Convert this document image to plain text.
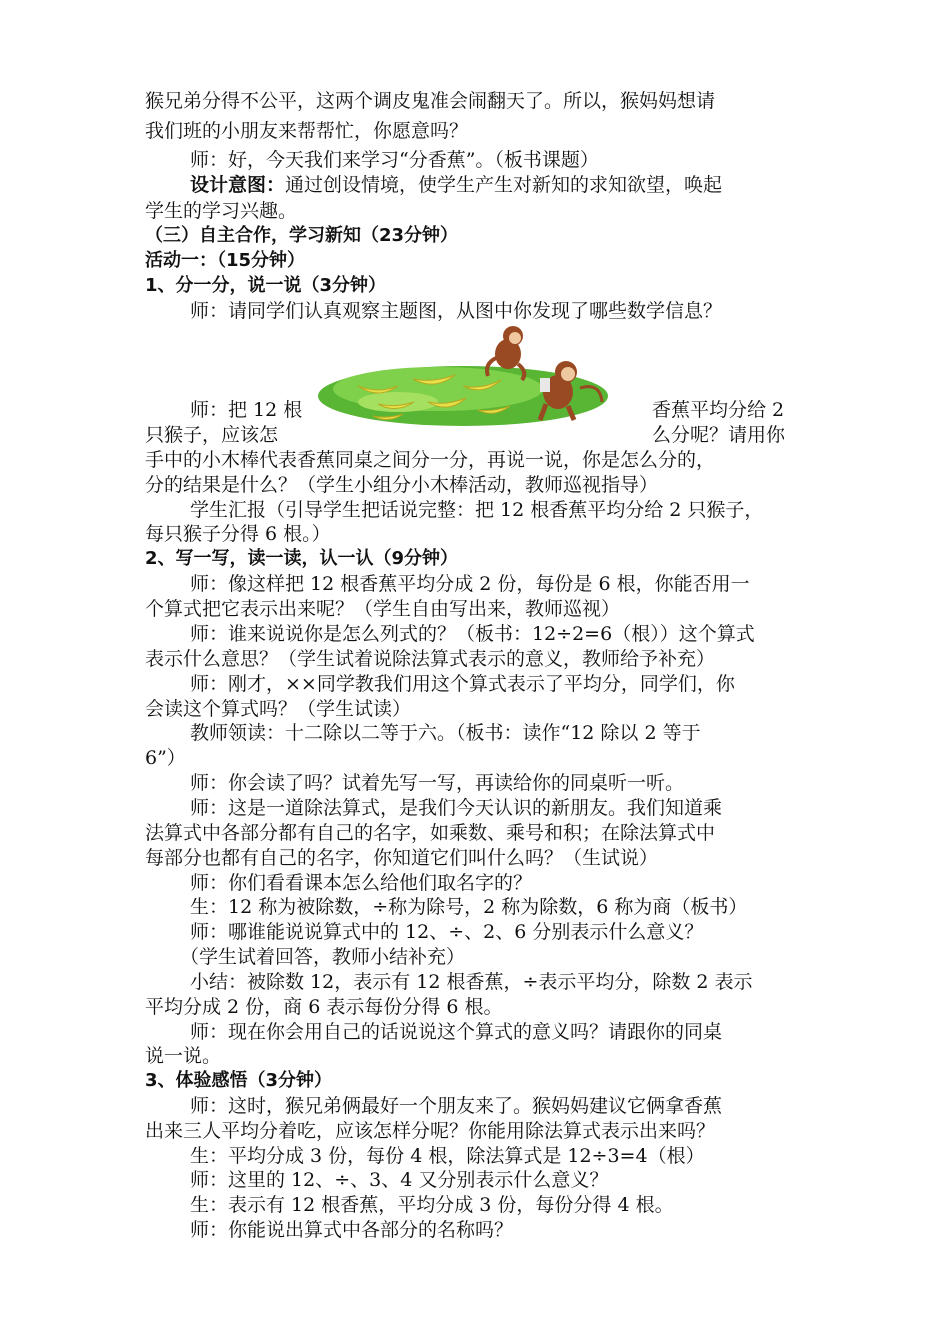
猴兄弟分得不公平，这两个调皮鬼准会闹翻天了。所以，猴妈妈想请
我们班的小朋友来帮帮忙，你愿意吗？
师：好，今天我们来学习“分香蕉”。（板书课题）
设计意图：通过创设情境，使学生产生对新知的求知欲望，唤起
学生的学习兴趣。
（三）自主合作，学习新知（23分钟）
活动一：（15分钟）
1、分一分，说一说（3分钟）
师：请同学们认真观察主题图，从图中你发现了哪些数学信息？
师：把 12 根	香蕉平均分给 2
只猴子，应该怎	么分呢？请用你
手中的小木棒代表香蕉同桌之间分一分，再说一说，你是怎么分的，
分的结果是什么？（学生小组分小木棒活动，教师巡视指导）
学生汇报（引导学生把话说完整：把 12 根香蕉平均分给 2 只猴子，
每只猴子分得 6 根。）
2、写一写，读一读，认一认（9分钟）
师：像这样把 12 根香蕉平均分成 2 份，每份是 6 根，你能否用一
个算式把它表示出来呢？（学生自由写出来，教师巡视）
师：谁来说说你是怎么列式的？（板书：12÷2=6（根））这个算式
表示什么意思？（学生试着说除法算式表示的意义，教师给予补充）
师：刚才，××同学教我们用这个算式表示了平均分，同学们，你
会读这个算式吗？（学生试读）
教师领读：十二除以二等于六。（板书：读作“12 除以 2 等于
6”）
师：你会读了吗？试着先写一写，再读给你的同桌听一听。
师：这是一道除法算式，是我们今天认识的新朋友。我们知道乘
法算式中各部分都有自己的名字，如乘数、乘号和积；在除法算式中
每部分也都有自己的名字，你知道它们叫什么吗？（生试说）
师：你们看看课本怎么给他们取名字的？
生：12 称为被除数，÷称为除号，2 称为除数，6 称为商（板书）
师：哪谁能说说算式中的 12、÷、2、6 分别表示什么意义？
（学生试着回答，教师小结补充）
小结：被除数 12，表示有 12 根香蕉，÷表示平均分，除数 2 表示
平均分成 2 份，商 6 表示每份分得 6 根。
师：现在你会用自己的话说说这个算式的意义吗？请跟你的同桌
说一说。
3、体验感悟（3分钟）
师：这时，猴兄弟俩最好一个朋友来了。猴妈妈建议它俩拿香蕉
出来三人平均分着吃，应该怎样分呢？你能用除法算式表示出来吗？
生：平均分成 3 份，每份 4 根，除法算式是 12÷3=4（根）
师：这里的 12、÷、3、4 又分别表示什么意义？
生：表示有 12 根香蕉，平均分成 3 份，每份分得 4 根。
师：你能说出算式中各部分的名称吗？
